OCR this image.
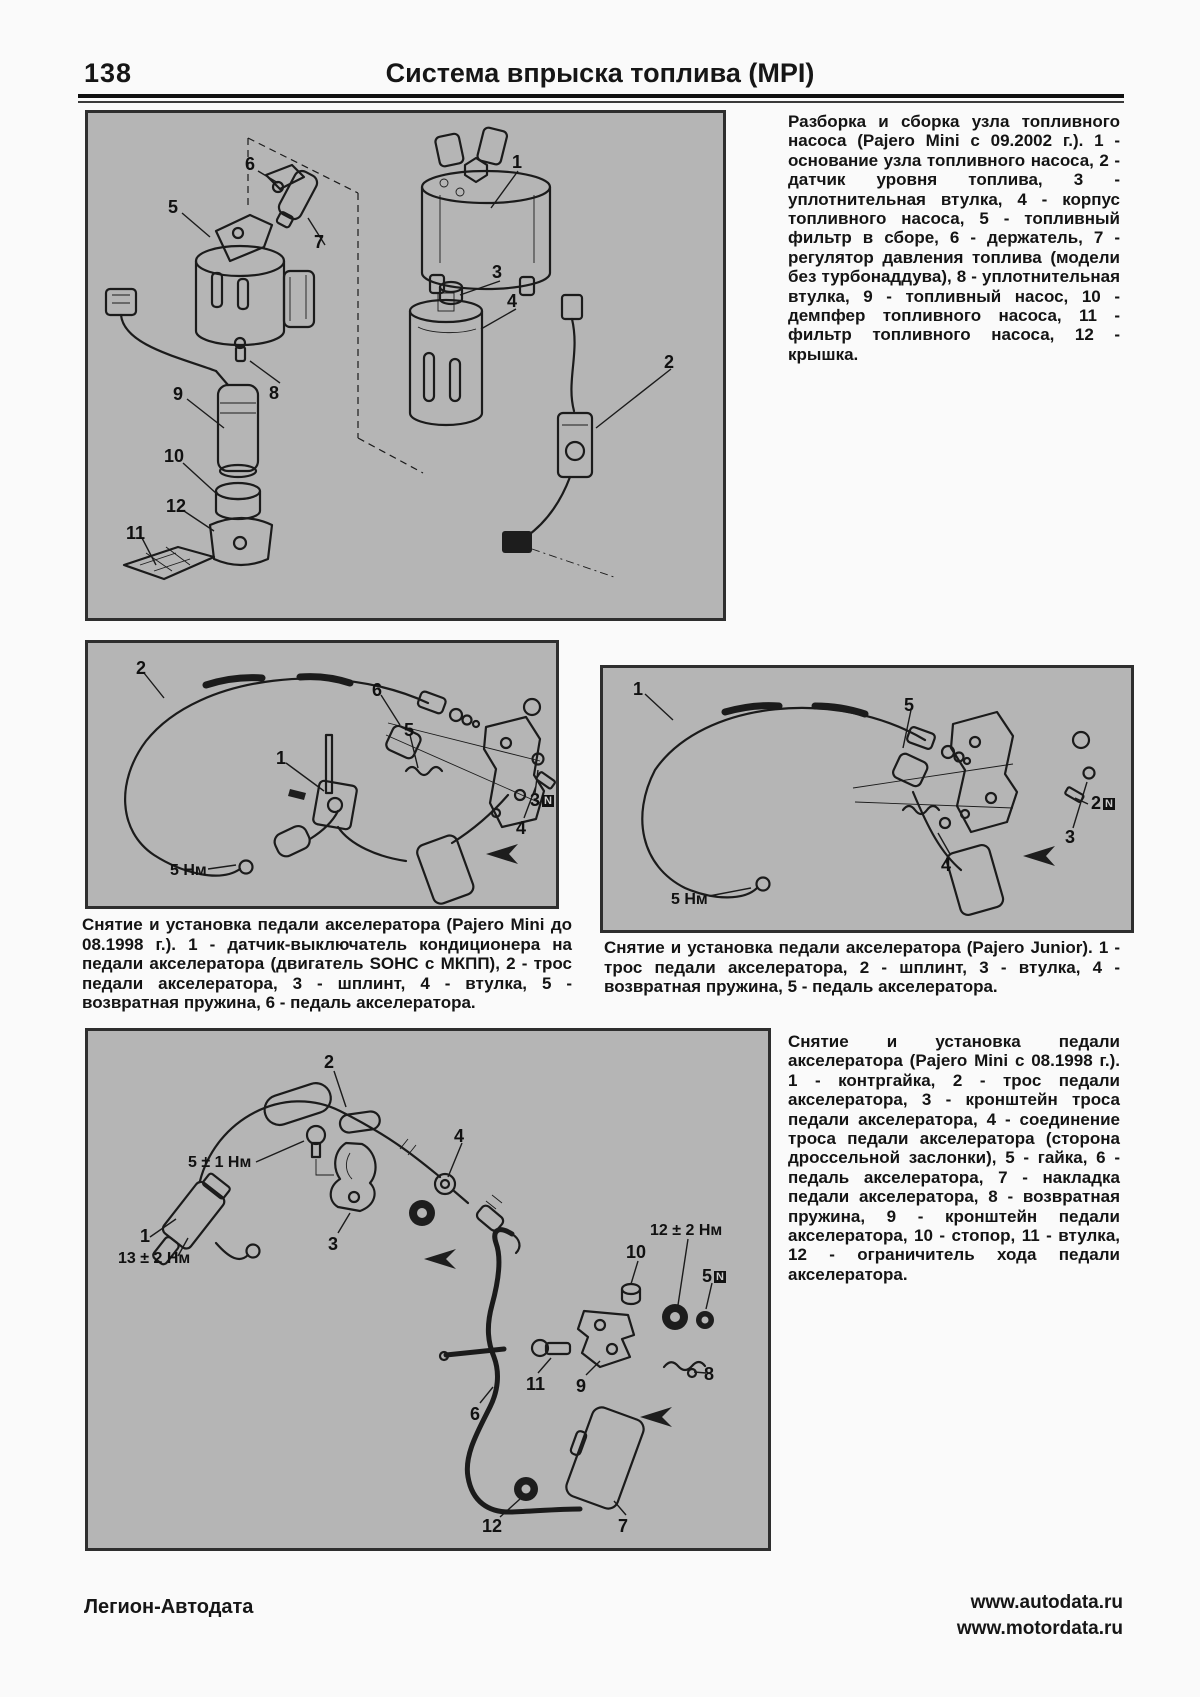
138	Система впрыска топлива (MPI)
1
2
3
4
5
6
7
8
9
10
11
12
Разборка и сборка узла топливного насоса (Pajero Mini с 09.2002 г.). 1 - основание узла топливного насоса, 2 - датчик уровня топлива, 3 - уплотнительная втулка, 4 - корпус топливного насоса, 5 - топливный фильтр в сборе, 6 - держатель, 7 - регулятор давления топлива (модели без турбонаддува), 8 - уплотнительная втулка, 9 - топливный насос, 10 - демпфер топливного насоса, 11 - фильтр топливного насоса, 12 - крышка.
1
2
3 N
4
5
6
5 Нм
1
2 N
3
4
5
5 Нм
Снятие и установка педали акселератора (Pajero Mini до 08.1998 г.). 1 - датчик-выключатель кондиционера на педали акселератора (двигатель SOHC с МКПП), 2 - трос педали акселератора, 3 - шплинт, 4 - втулка, 5 - возвратная пружина, 6 - педаль акселератора.
Снятие и установка педали акселератора (Pajero Junior). 1 - трос педали акселератора, 2 - шплинт, 3 - втулка, 4 - возвратная пружина, 5 - педаль акселератора.
1
2
3
4
5 N
6
7
8
9
10
11
12
13 ± 2 Нм
5 ± 1 Нм
12 ± 2 Нм
Снятие и установка педали акселератора (Pajero Mini с 08.1998 г.). 1 - контргайка, 2 - трос педали акселератора, 3 - кронштейн троса педали акселератора, 4 - соединение троса педали акселератора (сторона дроссельной заслонки), 5 - гайка, 6 - педаль акселератора, 7 - накладка педали акселератора, 8 - возвратная пружина, 9 - кронштейн педали акселератора, 10 - стопор, 11 - втулка, 12 - ограничитель хода педали акселератора.
Легион-Автодата	www.autodata.ru
www.motordata.ru
